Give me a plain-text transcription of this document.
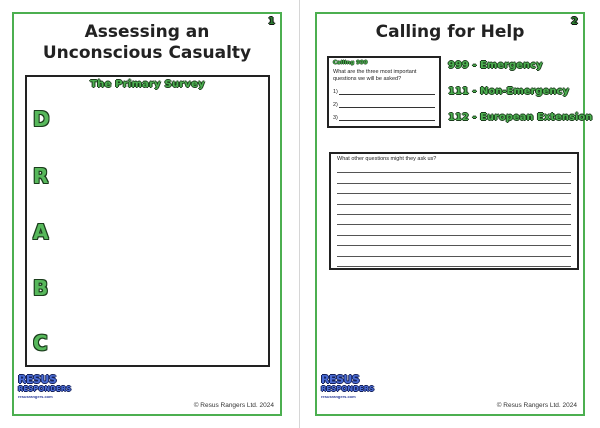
1

Assessing an

Unconscious Casualty

The Primary Survey
D
R
A
B
C
RESUS
RESPONDERS
resusrangers.com
© Resus Rangers Ltd. 2024
2

Calling for Help

Calling 999
What are the three most important questions we will be asked?
1)
2)
3)
999 - Emergency
111 - Non-Emergency
112 - European Extension
What other questions might they ask us?
RESUS
RESPONDERS
resusrangers.com
© Resus Rangers Ltd. 2024
